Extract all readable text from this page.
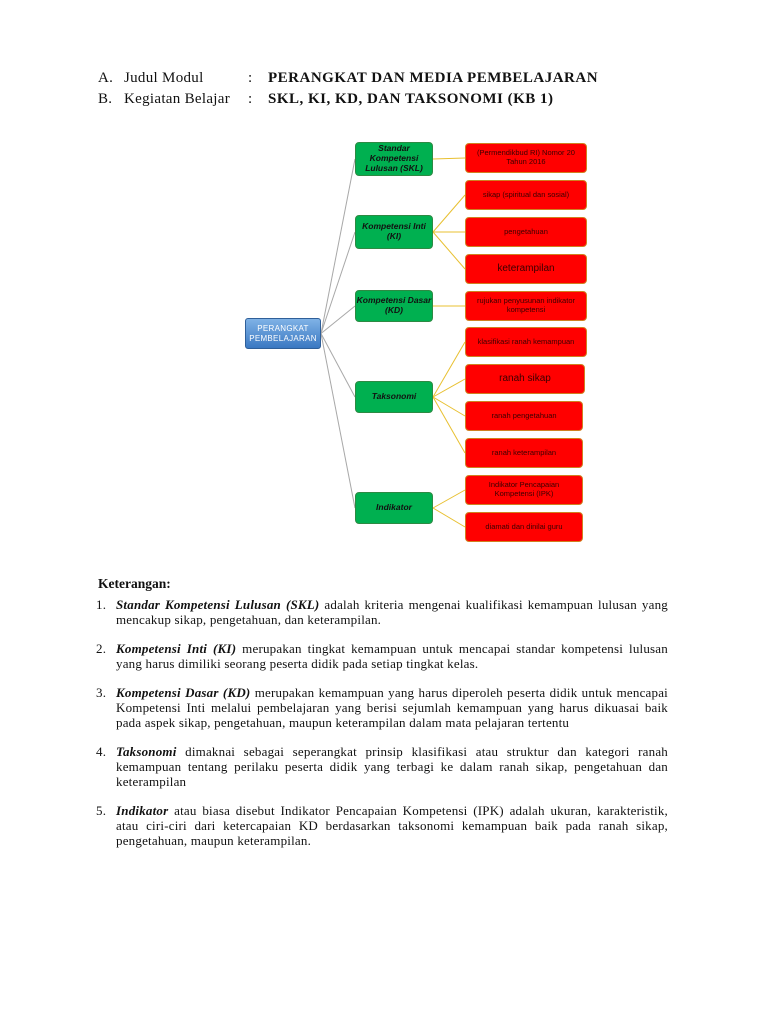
A. Judul Modul	: PERANGKAT DAN MEDIA PEMBELAJARAN
B. Kegiatan Belajar : SKL, KI, KD, DAN TAKSONOMI (KB 1)
PERANGKAT PEMBELAJARAN
Standar Kompetensi Lulusan (SKL)
(Permendikbud RI) Nomor 20 Tahun 2016
Kompetensi Inti (KI)
sikap (spiritual dan sosial)
pengetahuan
keterampilan
Kompetensi Dasar (KD)
rujukan penyusunan indikator kompetensi
Taksonomi
klasifikasi ranah kemampuan
ranah sikap
ranah pengetahuan
ranah keterampilan
Indikator
Indikator Pencapaian Kompetensi (IPK)
diamati dan dinilai guru
Keterangan:
1. Standar Kompetensi Lulusan (SKL) adalah kriteria mengenai kualifikasi kemampuan lulusan yang mencakup sikap, pengetahuan, dan keterampilan.
2. Kompetensi Inti (KI) merupakan tingkat kemampuan untuk mencapai standar kompetensi lulusan yang harus dimiliki seorang peserta didik pada setiap tingkat kelas.
3. Kompetensi Dasar (KD) merupakan kemampuan yang harus diperoleh peserta didik untuk mencapai Kompetensi Inti melalui pembelajaran yang berisi sejumlah kemampuan yang harus dikuasai baik pada aspek sikap, pengetahuan, maupun keterampilan dalam mata pelajaran tertentu
4. Taksonomi dimaknai sebagai seperangkat prinsip klasifikasi atau struktur dan kategori ranah kemampuan tentang perilaku peserta didik yang terbagi ke dalam ranah sikap, pengetahuan dan keterampilan
5. Indikator atau biasa disebut Indikator Pencapaian Kompetensi (IPK) adalah ukuran, karakteristik, atau ciri-ciri dari ketercapaian KD berdasarkan taksonomi kemampuan baik pada ranah sikap, pengetahuan, maupun keterampilan.
